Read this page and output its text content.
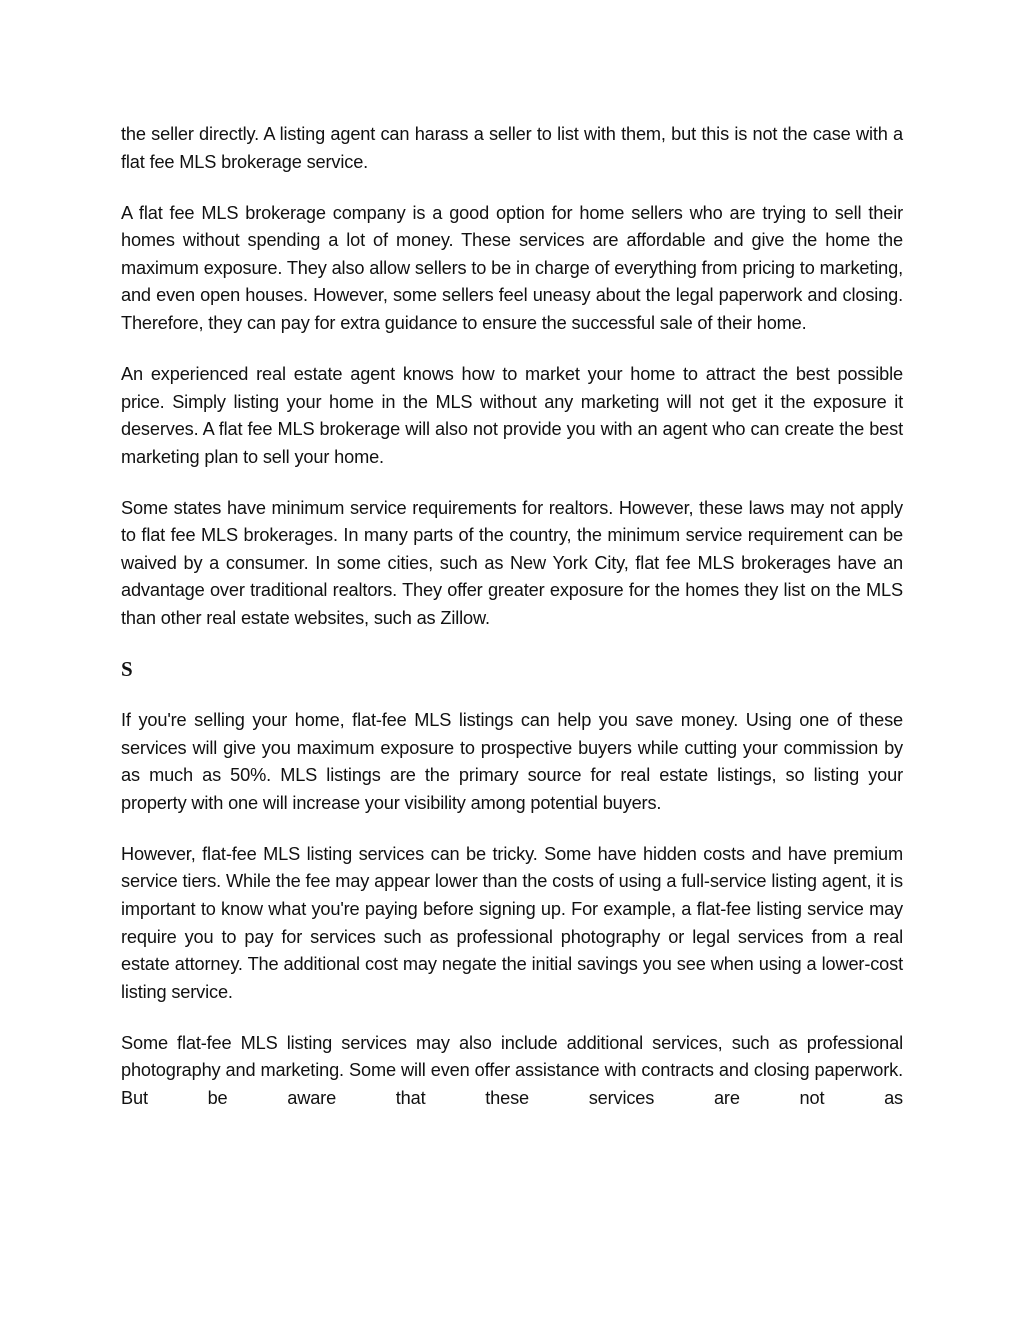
the seller directly. A listing agent can harass a seller to list with them, but this is not the case with a flat fee MLS brokerage service.

A flat fee MLS brokerage company is a good option for home sellers who are trying to sell their homes without spending a lot of money. These services are affordable and give the home the maximum exposure. They also allow sellers to be in charge of everything from pricing to marketing, and even open houses. However, some sellers feel uneasy about the legal paperwork and closing. Therefore, they can pay for extra guidance to ensure the successful sale of their home.

An experienced real estate agent knows how to market your home to attract the best possible price. Simply listing your home in the MLS without any marketing will not get it the exposure it deserves. A flat fee MLS brokerage will also not provide you with an agent who can create the best marketing plan to sell your home.

Some states have minimum service requirements for realtors. However, these laws may not apply to flat fee MLS brokerages. In many parts of the country, the minimum service requirement can be waived by a consumer. In some cities, such as New York City, flat fee MLS brokerages have an advantage over traditional realtors. They offer greater exposure for the homes they list on the MLS than other real estate websites, such as Zillow.

S

If you're selling your home, flat-fee MLS listings can help you save money. Using one of these services will give you maximum exposure to prospective buyers while cutting your commission by as much as 50%. MLS listings are the primary source for real estate listings, so listing your property with one will increase your visibility among potential buyers.

However, flat-fee MLS listing services can be tricky. Some have hidden costs and have premium service tiers. While the fee may appear lower than the costs of using a full-service listing agent, it is important to know what you're paying before signing up. For example, a flat-fee listing service may require you to pay for services such as professional photography or legal services from a real estate attorney. The additional cost may negate the initial savings you see when using a lower-cost listing service.

Some flat-fee MLS listing services may also include additional services, such as professional photography and marketing. Some will even offer assistance with contracts and closing paperwork. But be aware that these services are not as
